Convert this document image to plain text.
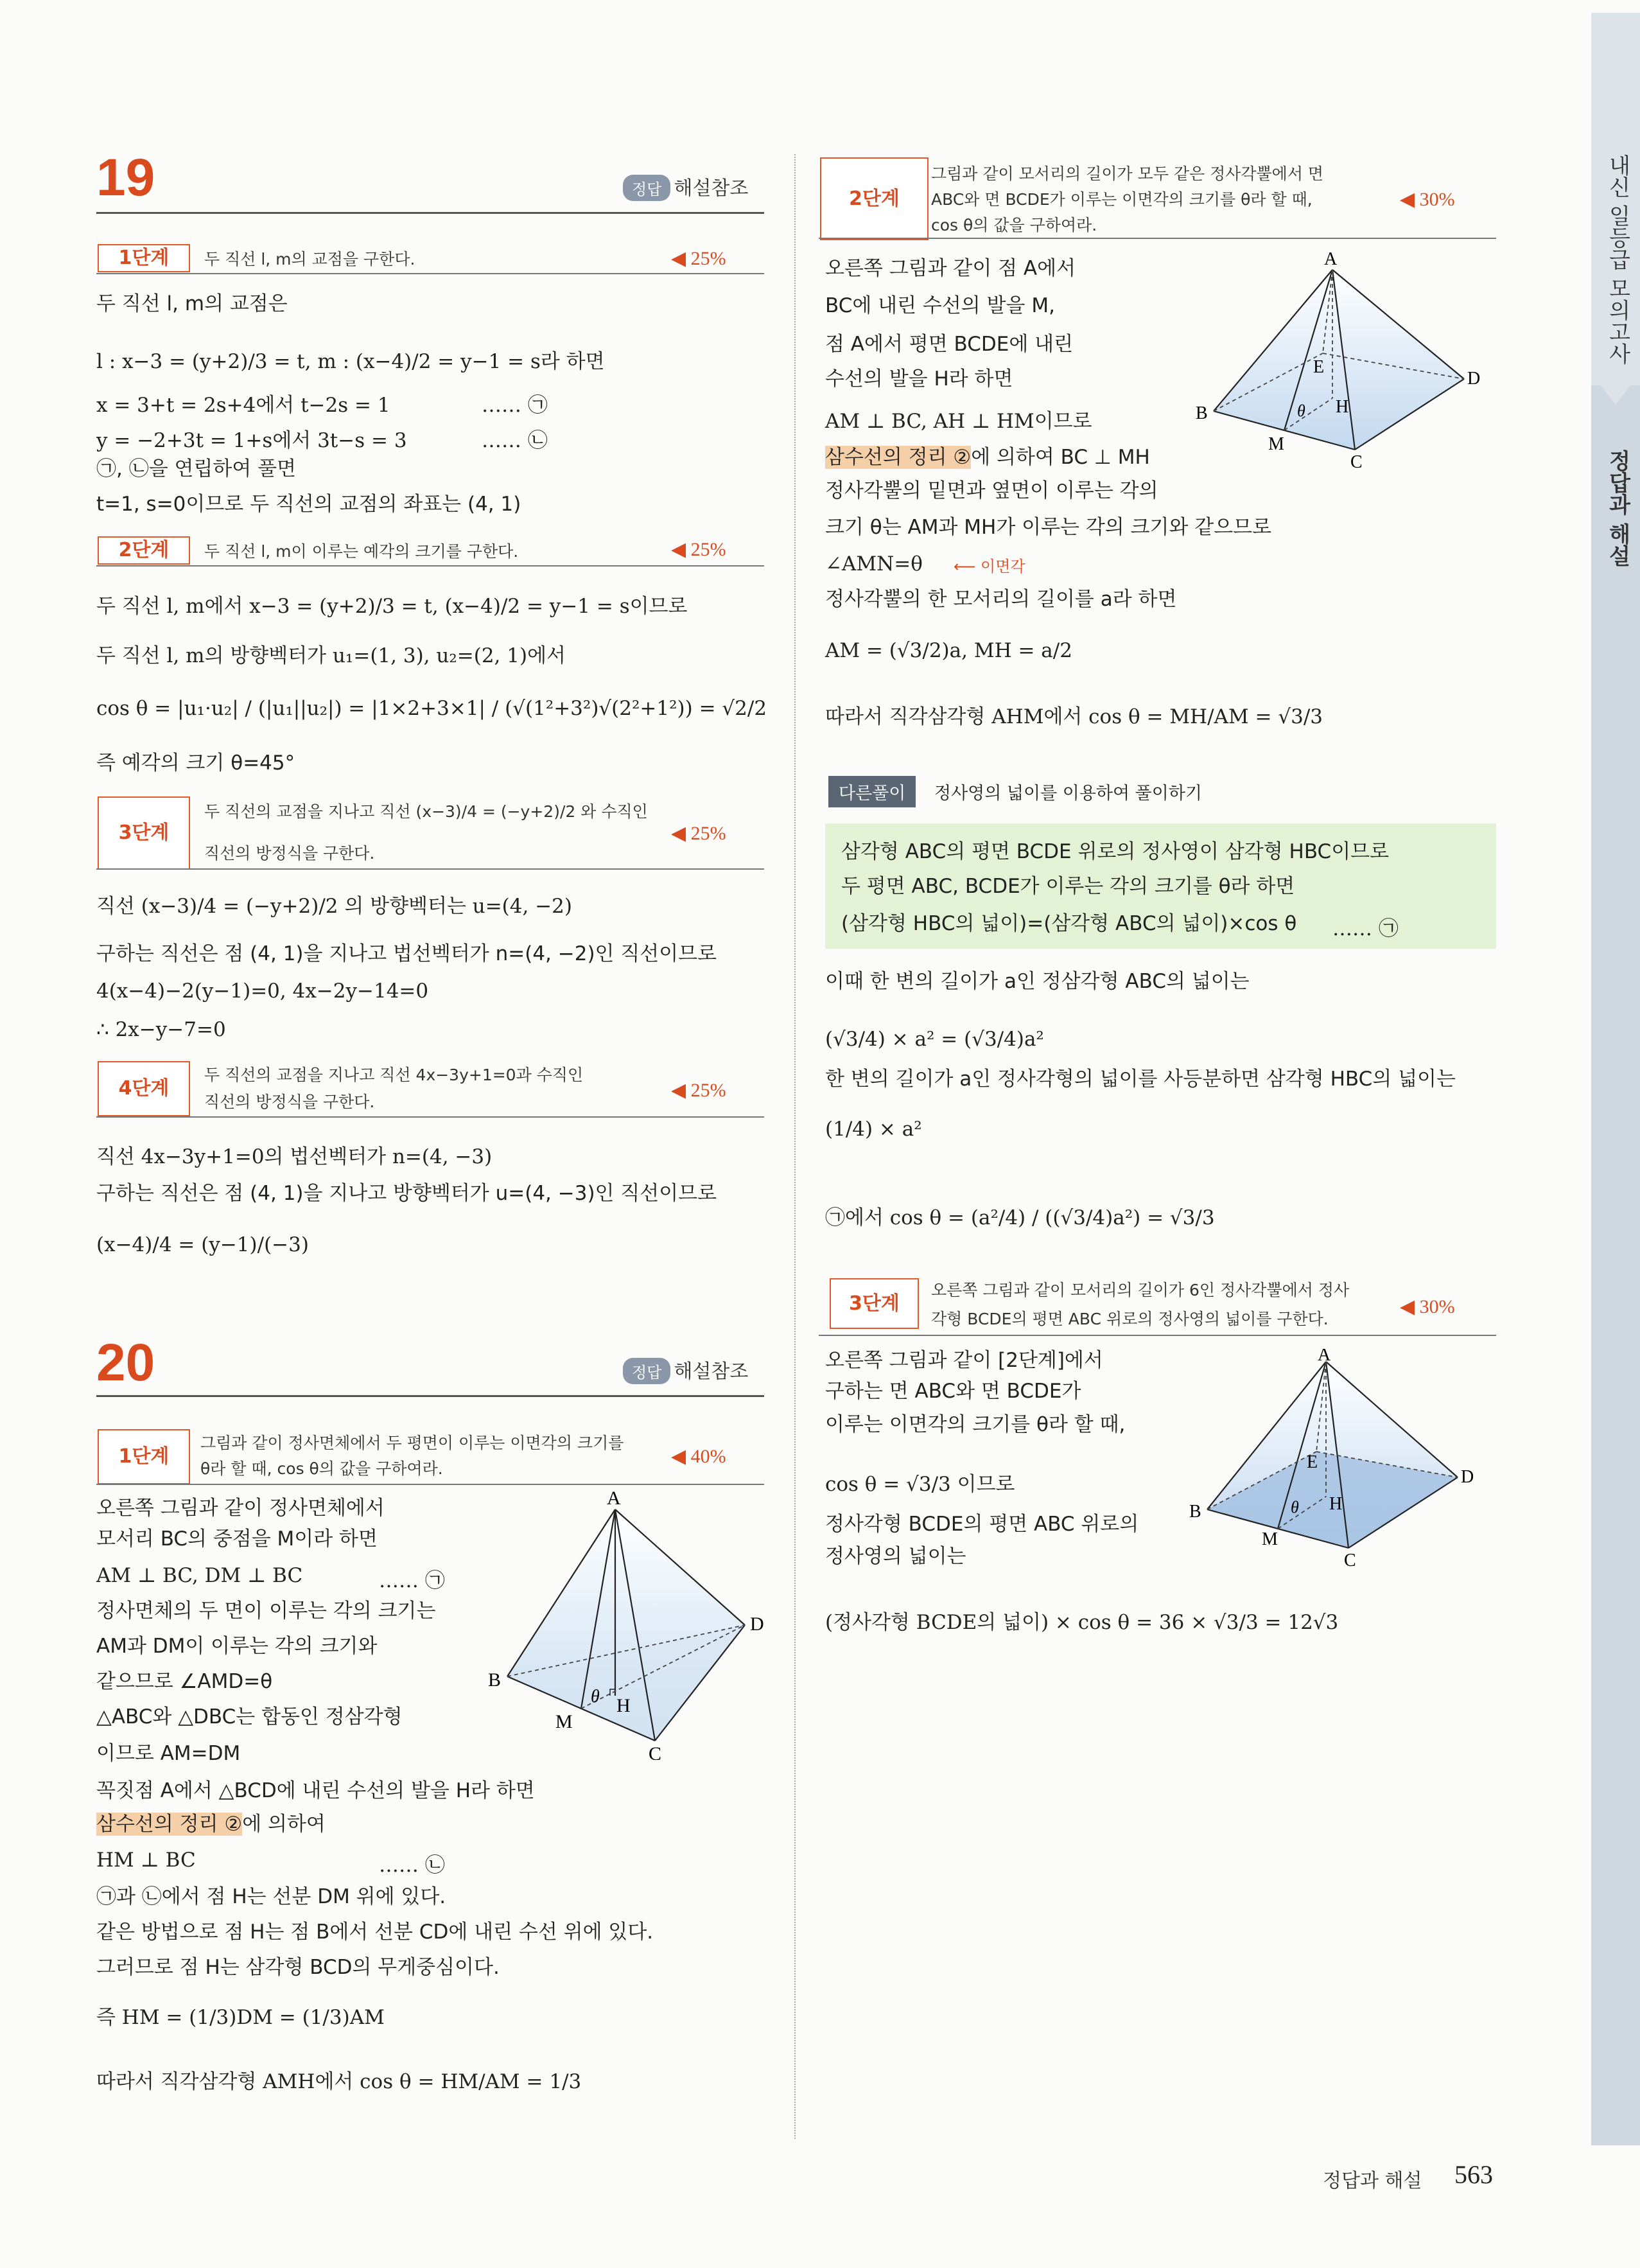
내신 일등급 모의고사
정답과 해설
19	정답 해설참조
1단계	두 직선 l, m의 교점을 구한다.	◀ 25%
두 직선 l, m의 교점은
l : x−3 = (y+2)/3 = t, m : (x−4)/2 = y−1 = s라 하면
x = 3+t = 2s+4에서 t−2s = 1	…… ㉠
y = −2+3t = 1+s에서 3t−s = 3	…… ㉡
㉠, ㉡을 연립하여 풀면
t=1, s=0이므로 두 직선의 교점의 좌표는 (4, 1)
2단계	두 직선 l, m이 이루는 예각의 크기를 구한다.	◀ 25%
두 직선 l, m에서 x−3 = (y+2)/3 = t, (x−4)/2 = y−1 = s이므로
두 직선 l, m의 방향벡터가 u₁=(1, 3), u₂=(2, 1)에서
cos θ = |u₁·u₂| / (|u₁||u₂|) = |1×2+3×1| / (√(1²+3²)√(2²+1²)) = √2/2
즉 예각의 크기 θ=45°
3단계
두 직선의 교점을 지나고 직선 (x−3)/4 = (−y+2)/2 와 수직인
직선의 방정식을 구한다.
◀ 25%
직선 (x−3)/4 = (−y+2)/2 의 방향벡터는 u=(4, −2)
구하는 직선은 점 (4, 1)을 지나고 법선벡터가 n=(4, −2)인 직선이므로
4(x−4)−2(y−1)=0, 4x−2y−14=0
∴ 2x−y−7=0
4단계
두 직선의 교점을 지나고 직선 4x−3y+1=0과 수직인
직선의 방정식을 구한다.
◀ 25%
직선 4x−3y+1=0의 법선벡터가 n=(4, −3)
구하는 직선은 점 (4, 1)을 지나고 방향벡터가 u=(4, −3)인 직선이므로
(x−4)/4 = (y−1)/(−3)
20	정답 해설참조
1단계
그림과 같이 정사면체에서 두 평면이 이루는 이면각의 크기를
θ라 할 때, cos θ의 값을 구하여라.
◀ 40%
오른쪽 그림과 같이 정사면체에서
모서리 BC의 중점을 M이라 하면
AM ⊥ BC, DM ⊥ BC	…… ㉠
정사면체의 두 면이 이루는 각의 크기는
AM과 DM이 이루는 각의 크기와
같으므로 ∠AMD=θ
△ABC와 △DBC는 합동인 정삼각형
이므로 AM=DM
꼭짓점 A에서 △BCD에 내린 수선의 발을 H라 하면
삼수선의 정리 ②에 의하여
HM ⊥ BC	…… ㉡
㉠과 ㉡에서 점 H는 선분 DM 위에 있다.
같은 방법으로 점 H는 점 B에서 선분 CD에 내린 수선 위에 있다.
그러므로 점 H는 삼각형 BCD의 무게중심이다.
즉 HM = (1/3)DM = (1/3)AM
따라서 직각삼각형 AMH에서 cos θ = HM/AM = 1/3
A
B
C
D
M
H
θ
2단계
그림과 같이 모서리의 길이가 모두 같은 정사각뿔에서 면
ABC와 면 BCDE가 이루는 이면각의 크기를 θ라 할 때,
cos θ의 값을 구하여라.
◀ 30%
오른쪽 그림과 같이 점 A에서
BC에 내린 수선의 발을 M,
점 A에서 평면 BCDE에 내린
수선의 발을 H라 하면
AM ⊥ BC, AH ⊥ HM이므로
삼수선의 정리 ②에 의하여 BC ⊥ MH
정사각뿔의 밑면과 옆면이 이루는 각의
크기 θ는 AM과 MH가 이루는 각의 크기와 같으므로
∠AMN=θ ⟵ 이면각
정사각뿔의 한 모서리의 길이를 a라 하면
AM = (√3/2)a, MH = a/2
따라서 직각삼각형 AHM에서 cos θ = MH/AM = √3/3
A
B
C
D
E
M
H
θ
다른풀이	정사영의 넓이를 이용하여 풀이하기
삼각형 ABC의 평면 BCDE 위로의 정사영이 삼각형 HBC이므로
두 평면 ABC, BCDE가 이루는 각의 크기를 θ라 하면
(삼각형 HBC의 넓이)=(삼각형 ABC의 넓이)×cos θ …… ㉠
이때 한 변의 길이가 a인 정삼각형 ABC의 넓이는
(√3/4) × a² = (√3/4)a²
한 변의 길이가 a인 정사각형의 넓이를 사등분하면 삼각형 HBC의 넓이는
(1/4) × a²
㉠에서 cos θ = (a²/4) / ((√3/4)a²) = √3/3
3단계
오른쪽 그림과 같이 모서리의 길이가 6인 정사각뿔에서 정사
각형 BCDE의 평면 ABC 위로의 정사영의 넓이를 구한다.
◀ 30%
오른쪽 그림과 같이 [2단계]에서
구하는 면 ABC와 면 BCDE가
이루는 이면각의 크기를 θ라 할 때,
cos θ = √3/3 이므로
정사각형 BCDE의 평면 ABC 위로의
정사영의 넓이는
(정사각형 BCDE의 넓이) × cos θ = 36 × √3/3 = 12√3
A
B
C
D
E
M
H
θ
정답과 해설 563
